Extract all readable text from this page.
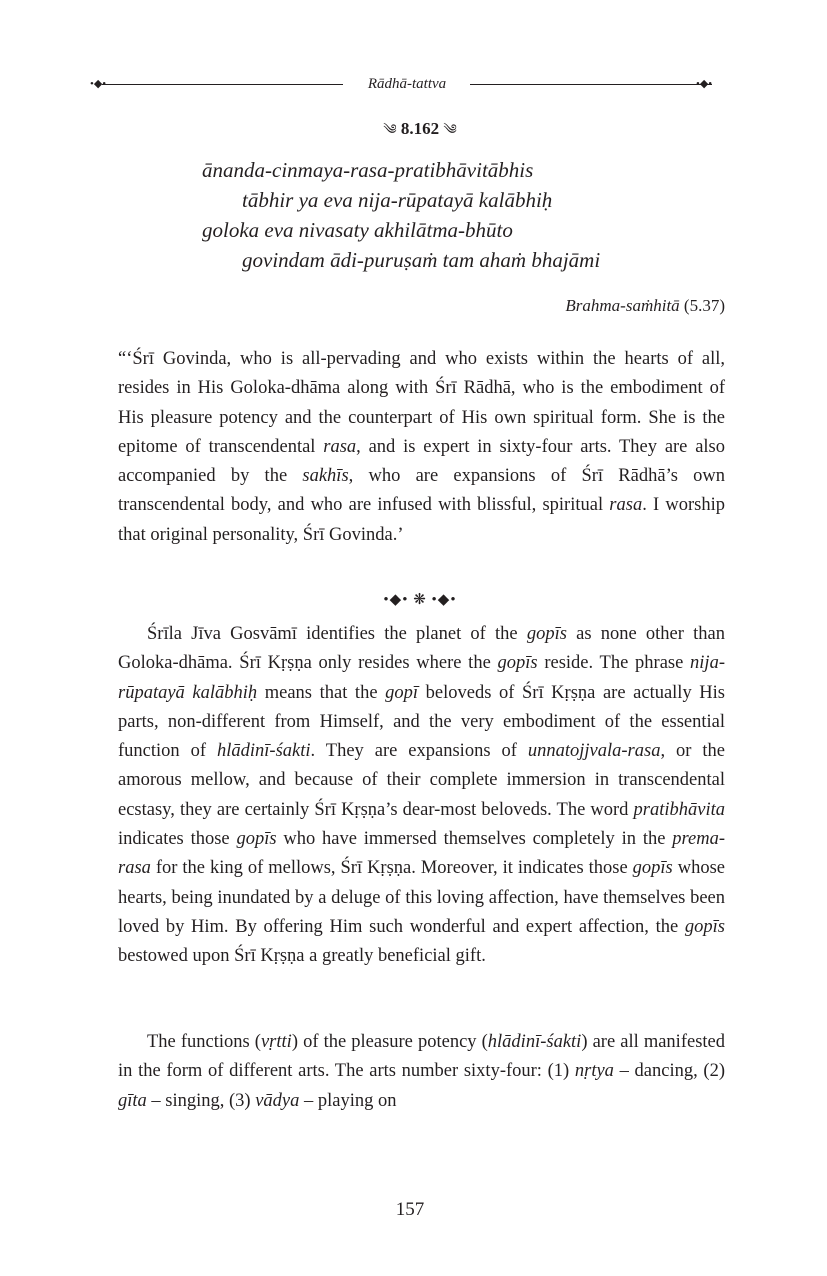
•◆•	Rādhā-tattva	•◆•
༄ 8.162 ༄
ānanda-cinmaya-rasa-pratibhāvitābhis
tābhir ya eva nija-rūpatayā kalābhiḥ
goloka eva nivasaty akhilātma-bhūto
govindam ādi-puruṣaṁ tam ahaṁ bhajāmi
Brahma-saṁhitā (5.37)

“‘Śrī Govinda, who is all-pervading and who exists within the hearts of all, resides in His Goloka-dhāma along with Śrī Rādhā, who is the embodiment of His pleasure potency and the counterpart of His own spiritual form. She is the epitome of transcendental rasa, and is expert in sixty-four arts. They are also accompanied by the sakhīs, who are expansions of Śrī Rādhā’s own transcendental body, and who are infused with blissful, spiritual rasa. I worship that original personality, Śrī Govinda.’

•◆• ❋ •◆•

Śrīla Jīva Gosvāmī identifies the planet of the gopīs as none other than Goloka-dhāma. Śrī Kṛṣṇa only resides where the gopīs reside. The phrase nija-rūpatayā kalābhiḥ means that the gopī beloveds of Śrī Kṛṣṇa are actually His parts, non-different from Himself, and the very embodiment of the essential function of hlādinī-śakti. They are expansions of unnatojjvala-rasa, or the amorous mellow, and because of their complete immersion in transcendental ecstasy, they are certainly Śrī Kṛṣṇa’s dear-most beloveds. The word pratibhāvita indicates those gopīs who have immersed themselves completely in the prema-rasa for the king of mellows, Śrī Kṛṣṇa. Moreover, it indicates those gopīs whose hearts, being inundated by a deluge of this loving affection, have themselves been loved by Him. By offering Him such wonderful and expert affection, the gopīs bestowed upon Śrī Kṛṣṇa a greatly beneficial gift.

The functions (vṛtti) of the pleasure potency (hlādinī-śakti) are all manifested in the form of different arts. The arts number sixty-four: (1) nṛtya – dancing, (2) gīta – singing, (3) vādya – playing on

157
